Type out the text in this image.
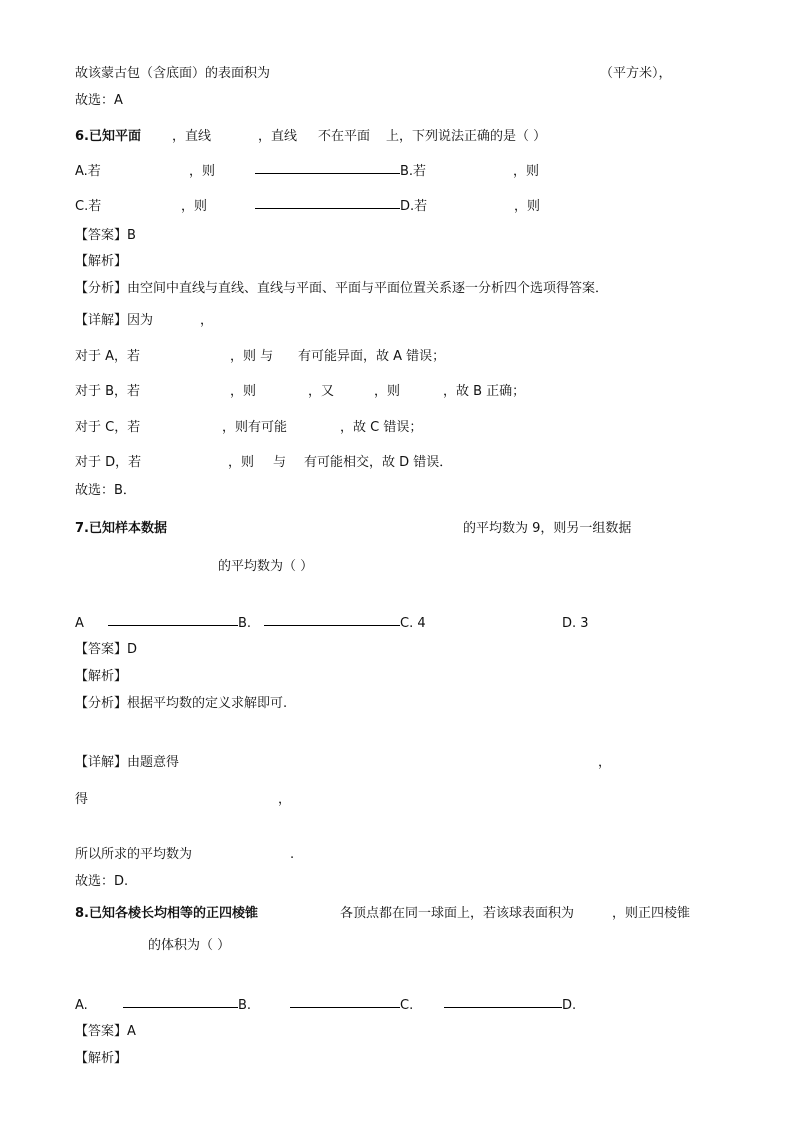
故该蒙古包（含底面）的表面积为	（平方米），
故选：A
6.已知平面 ，直线	，直线 不在平面 上，下列说法正确的是（ ）
A.若	，则	B.若	，则
C.若	，则	D.若	，则
【答案】B
【解析】
【分析】由空间中直线与直线、直线与平面、平面与平面位置关系逐一分析四个选项得答案．
【详解】因为	，
对于 A，若	，则 与 有可能异面，故 A 错误；
对于 B，若	，则	，又	，则	，故 B 正确；
对于 C，若	，则有可能	，故 C 错误；
对于 D，若	，则 与 有可能相交，故 D 错误．
故选：B．
7.已知样本数据	的平均数为 9，则另一组数据
的平均数为（ ）
A	B.	C. 4	D. 3
【答案】D
【解析】
【分析】根据平均数的定义求解即可.
【详解】由题意得	，
得	，
所以所求的平均数为	.
故选：D.
8.已知各棱长均相等的正四棱锥	各顶点都在同一球面上，若该球表面积为	，则正四棱锥
的体积为（ ）
A.	B.	C.	D.
【答案】A
【解析】
